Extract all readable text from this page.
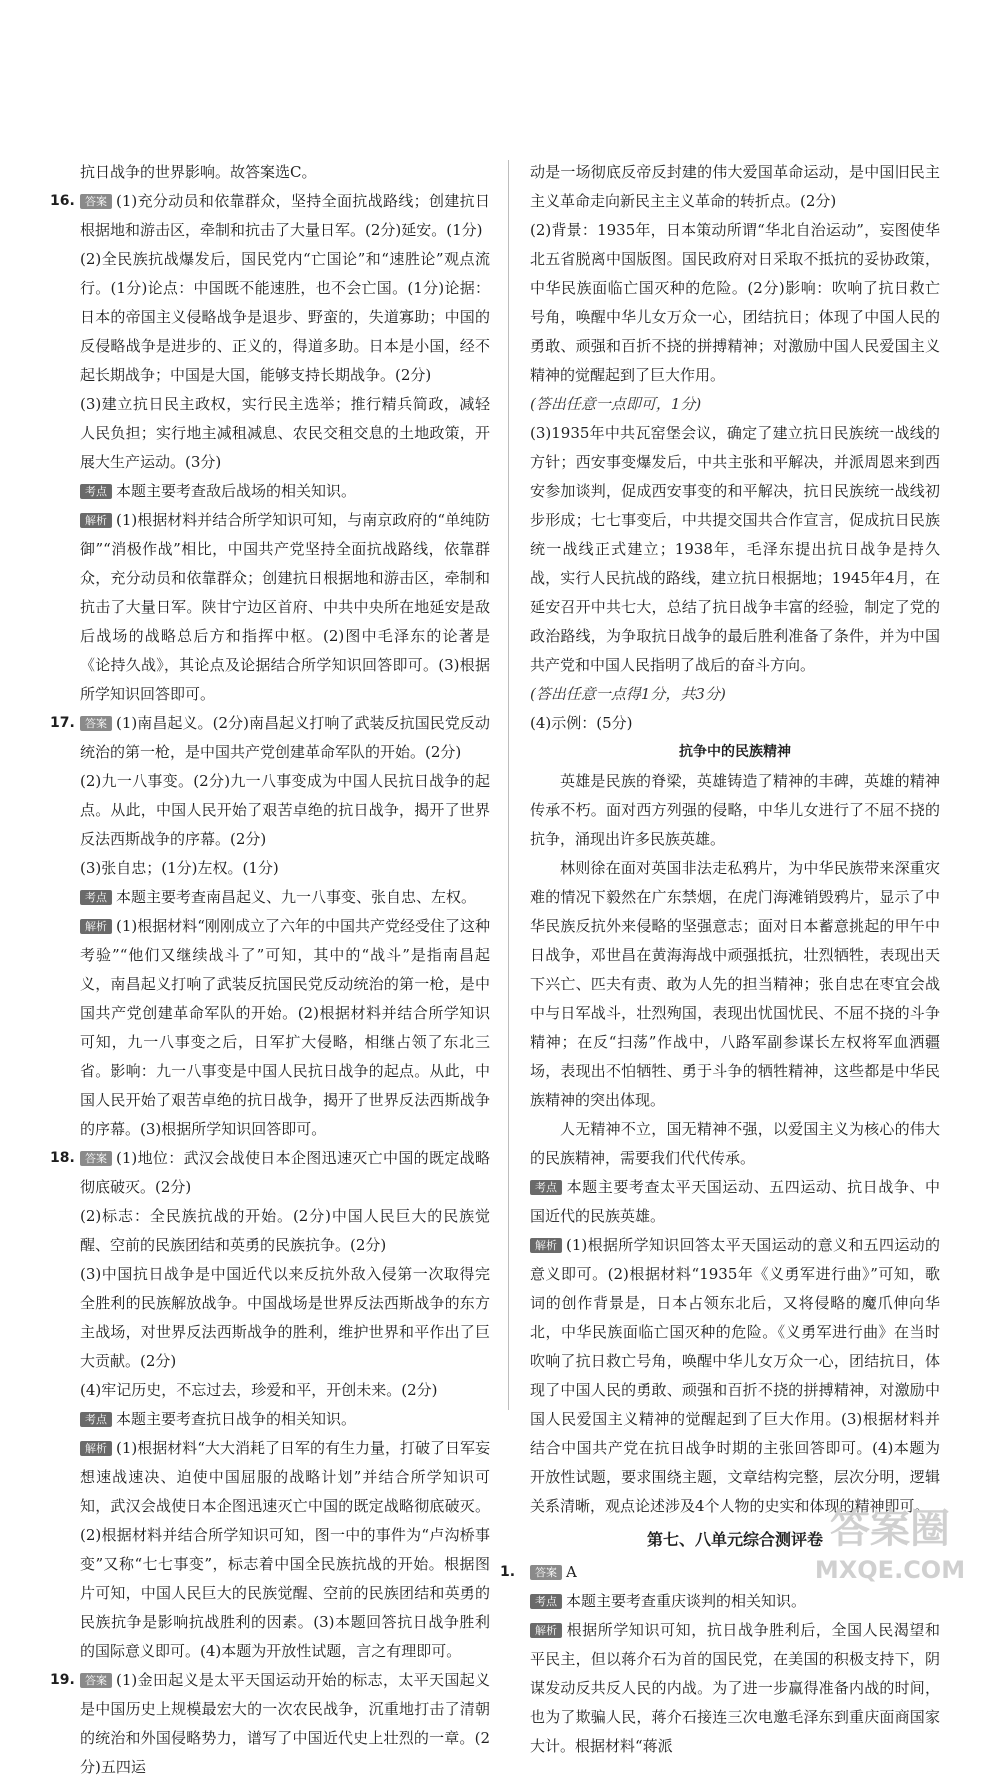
抗日战争的世界影响。故答案选C。

16. 答案 (1)充分动员和依靠群众，坚持全面抗战路线；创建抗日根据地和游击区，牵制和抗击了大量日军。(2分)延安。(1分)

(2)全民族抗战爆发后，国民党内“亡国论”和“速胜论”观点流行。(1分)论点：中国既不能速胜，也不会亡国。(1分)论据：日本的帝国主义侵略战争是退步、野蛮的，失道寡助；中国的反侵略战争是进步的、正义的，得道多助。日本是小国，经不起长期战争；中国是大国，能够支持长期战争。(2分)

(3)建立抗日民主政权，实行民主选举；推行精兵简政，减轻人民负担；实行地主减租减息、农民交租交息的土地政策，开展大生产运动。(3分)

考点 本题主要考查敌后战场的相关知识。

解析 (1)根据材料并结合所学知识可知，与南京政府的“单纯防御”“消极作战”相比，中国共产党坚持全面抗战路线，依靠群众，充分动员和依靠群众；创建抗日根据地和游击区，牵制和抗击了大量日军。陕甘宁边区首府、中共中央所在地延安是敌后战场的战略总后方和指挥中枢。(2)图中毛泽东的论著是《论持久战》，其论点及论据结合所学知识回答即可。(3)根据所学知识回答即可。

17. 答案 (1)南昌起义。(2分)南昌起义打响了武装反抗国民党反动统治的第一枪，是中国共产党创建革命军队的开始。(2分)

(2)九一八事变。(2分)九一八事变成为中国人民抗日战争的起点。从此，中国人民开始了艰苦卓绝的抗日战争，揭开了世界反法西斯战争的序幕。(2分)

(3)张自忠；(1分)左权。(1分)

考点 本题主要考查南昌起义、九一八事变、张自忠、左权。

解析 (1)根据材料“刚刚成立了六年的中国共产党经受住了这种考验”“他们又继续战斗了”可知，其中的“战斗”是指南昌起义，南昌起义打响了武装反抗国民党反动统治的第一枪，是中国共产党创建革命军队的开始。(2)根据材料并结合所学知识可知，九一八事变之后，日军扩大侵略，相继占领了东北三省。影响：九一八事变是中国人民抗日战争的起点。从此，中国人民开始了艰苦卓绝的抗日战争，揭开了世界反法西斯战争的序幕。(3)根据所学知识回答即可。

18. 答案 (1)地位：武汉会战使日本企图迅速灭亡中国的既定战略彻底破灭。(2分)

(2)标志：全民族抗战的开始。(2分)中国人民巨大的民族觉醒、空前的民族团结和英勇的民族抗争。(2分)

(3)中国抗日战争是中国近代以来反抗外敌入侵第一次取得完全胜利的民族解放战争。中国战场是世界反法西斯战争的东方主战场，对世界反法西斯战争的胜利，维护世界和平作出了巨大贡献。(2分)

(4)牢记历史，不忘过去，珍爱和平，开创未来。(2分)

考点 本题主要考查抗日战争的相关知识。

解析 (1)根据材料“大大消耗了日军的有生力量，打破了日军妄想速战速决、迫使中国屈服的战略计划”并结合所学知识可知，武汉会战使日本企图迅速灭亡中国的既定战略彻底破灭。(2)根据材料并结合所学知识可知，图一中的事件为“卢沟桥事变”又称“七七事变”，标志着中国全民族抗战的开始。根据图片可知，中国人民巨大的民族觉醒、空前的民族团结和英勇的民族抗争是影响抗战胜利的因素。(3)本题回答抗日战争胜利的国际意义即可。(4)本题为开放性试题，言之有理即可。

19. 答案 (1)金田起义是太平天国运动开始的标志，太平天国起义是中国历史上规模最宏大的一次农民战争，沉重地打击了清朝的统治和外国侵略势力，谱写了中国近代史上壮烈的一章。(2分)五四运

动是一场彻底反帝反封建的伟大爱国革命运动，是中国旧民主主义革命走向新民主主义革命的转折点。(2分)

(2)背景：1935年，日本策动所谓“华北自治运动”，妄图使华北五省脱离中国版图。国民政府对日采取不抵抗的妥协政策，中华民族面临亡国灭种的危险。(2分)影响：吹响了抗日救亡号角，唤醒中华儿女万众一心，团结抗日；体现了中国人民的勇敢、顽强和百折不挠的拼搏精神；对激励中国人民爱国主义精神的觉醒起到了巨大作用。

(答出任意一点即可，1分)

(3)1935年中共瓦窑堡会议，确定了建立抗日民族统一战线的方针；西安事变爆发后，中共主张和平解决，并派周恩来到西安参加谈判，促成西安事变的和平解决，抗日民族统一战线初步形成；七七事变后，中共提交国共合作宣言，促成抗日民族统一战线正式建立；1938年，毛泽东提出抗日战争是持久战，实行人民抗战的路线，建立抗日根据地；1945年4月，在延安召开中共七大，总结了抗日战争丰富的经验，制定了党的政治路线，为争取抗日战争的最后胜利准备了条件，并为中国共产党和中国人民指明了战后的奋斗方向。

(答出任意一点得1分，共3分)

(4)示例：(5分)

抗争中的民族精神

英雄是民族的脊梁，英雄铸造了精神的丰碑，英雄的精神传承不朽。面对西方列强的侵略，中华儿女进行了不屈不挠的抗争，涌现出许多民族英雄。

林则徐在面对英国非法走私鸦片，为中华民族带来深重灾难的情况下毅然在广东禁烟，在虎门海滩销毁鸦片，显示了中华民族反抗外来侵略的坚强意志；面对日本蓄意挑起的甲午中日战争，邓世昌在黄海海战中顽强抵抗，壮烈牺牲，表现出天下兴亡、匹夫有责、敢为人先的担当精神；张自忠在枣宜会战中与日军战斗，壮烈殉国，表现出忧国忧民、不屈不挠的斗争精神；在反“扫荡”作战中，八路军副参谋长左权将军血洒疆场，表现出不怕牺牲、勇于斗争的牺牲精神，这些都是中华民族精神的突出体现。

人无精神不立，国无精神不强，以爱国主义为核心的伟大的民族精神，需要我们代代传承。

考点 本题主要考查太平天国运动、五四运动、抗日战争、中国近代的民族英雄。

解析 (1)根据所学知识回答太平天国运动的意义和五四运动的意义即可。(2)根据材料“1935年《义勇军进行曲》”可知，歌词的创作背景是，日本占领东北后，又将侵略的魔爪伸向华北，中华民族面临亡国灭种的危险。《义勇军进行曲》在当时吹响了抗日救亡号角，唤醒中华儿女万众一心，团结抗日，体现了中国人民的勇敢、顽强和百折不挠的拼搏精神，对激励中国人民爱国主义精神的觉醒起到了巨大作用。(3)根据材料并结合中国共产党在抗日战争时期的主张回答即可。(4)本题为开放性试题，要求围绕主题，文章结构完整，层次分明，逻辑关系清晰，观点论述涉及4个人物的史实和体现的精神即可。

第七、八单元综合测评卷

1.	答案 A

考点 本题主要考查重庆谈判的相关知识。

解析 根据所学知识可知，抗日战争胜利后，全国人民渴望和平民主，但以蒋介石为首的国民党，在美国的积极支持下，阴谋发动反共反人民的内战。为了进一步赢得准备内战的时间，也为了欺骗人民，蒋介石接连三次电邀毛泽东到重庆面商国家大计。根据材料“蒋派

答案圈
MXQE.COM
